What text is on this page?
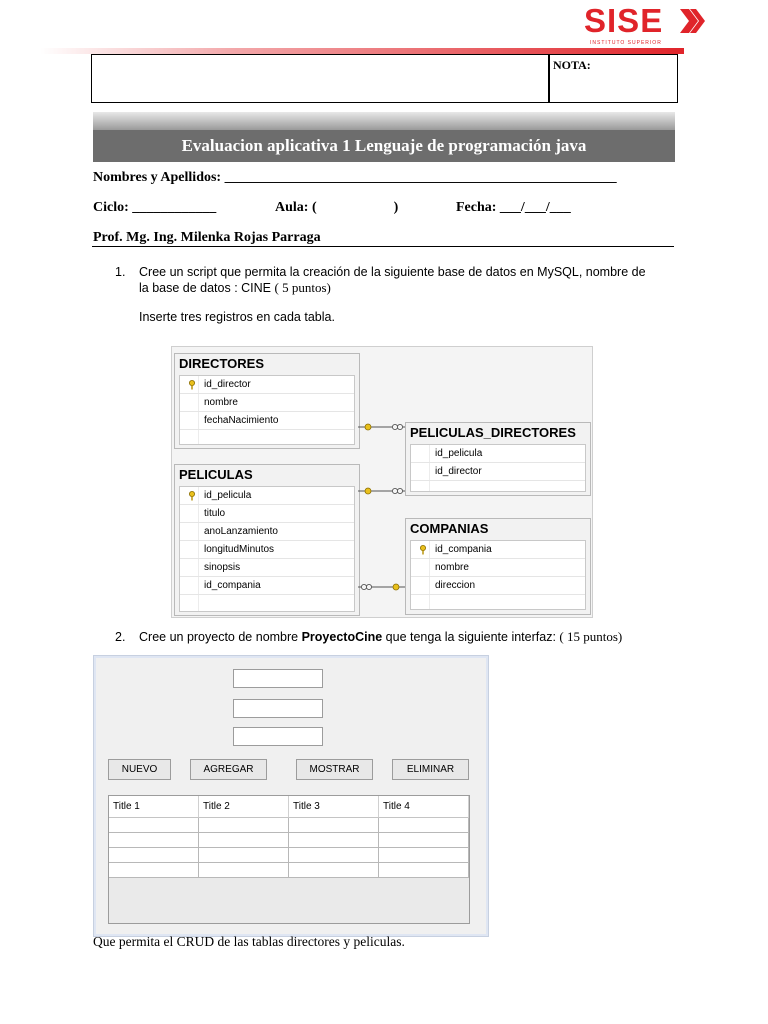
SISE
INSTITUTO SUPERIOR
NOTA:
Evaluacion aplicativa 1 Lenguaje de programación java
Nombres y Apellidos: ________________________________________________________
Ciclo: ____________	Aula: (                      )	Fecha: ___/___/___
Prof. Mg. Ing. Milenka Rojas Parraga
1. Cree un script que permita la creación de la siguiente base de datos en MySQL, nombre de
la base de datos : CINE ( 5 puntos)
Inserte tres registros en cada tabla.
DIRECTORES
id_director
nombre
fechaNacimiento
PELICULAS_DIRECTORES
id_pelicula
id_director
PELICULAS
id_pelicula
titulo
anoLanzamiento
longitudMinutos
sinopsis
id_compania
COMPANIAS
id_compania
nombre
direccion
2. Cree un proyecto de nombre ProyectoCine que tenga la siguiente interfaz: ( 15 puntos)
NUEVO	AGREGAR	MOSTRAR	ELIMINAR
Title 1	Title 2	Title 3	Title 4
Que permita el CRUD de las tablas directores y peliculas.
